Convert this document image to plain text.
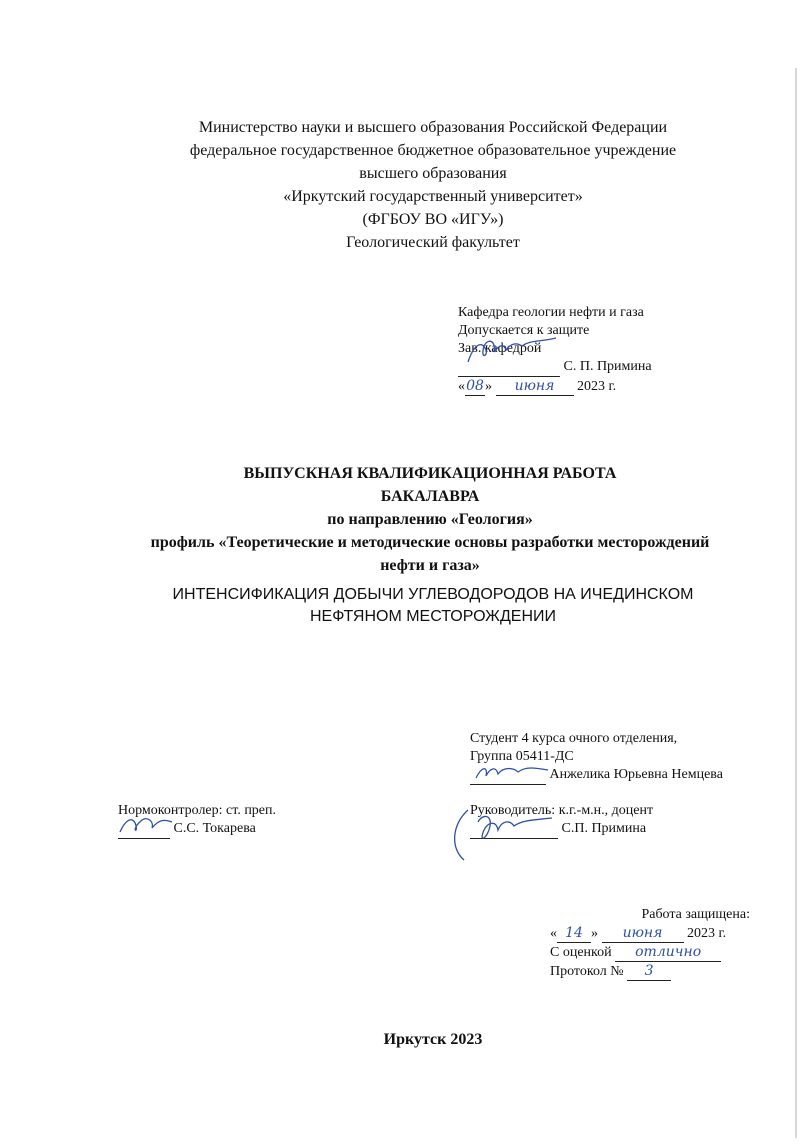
Министерство науки и высшего образования Российской Федерации
федеральное государственное бюджетное образовательное учреждение
высшего образования
«Иркутский государственный университет»
(ФГБОУ ВО «ИГУ»)
Геологический факультет
Кафедра геологии нефти и газа
Допускается к защите
Зав. кафедрой
С. П. Примина
«08» июня 2023 г.
ВЫПУСКНАЯ КВАЛИФИКАЦИОННАЯ РАБОТА
БАКАЛАВРА
по направлению «Геология»
профиль «Теоретические и методические основы разработки месторождений
нефти и газа»
ИНТЕНСИФИКАЦИЯ ДОБЫЧИ УГЛЕВОДОРОДОВ НА ИЧЕДИНСКОМ
НЕФТЯНОМ МЕСТОРОЖДЕНИИ
Студент 4 курса очного отделения,
Группа 05411-ДС
Анжелика Юрьевна Немцева
Нормоконтролер: ст. преп.
С.С. Токарева
Руководитель: к.г.-м.н., доцент
С.П. Примина
Работа защищена:
« 14 » июня 2023 г.
С оценкой отлично
Протокол № 3
Иркутск 2023
